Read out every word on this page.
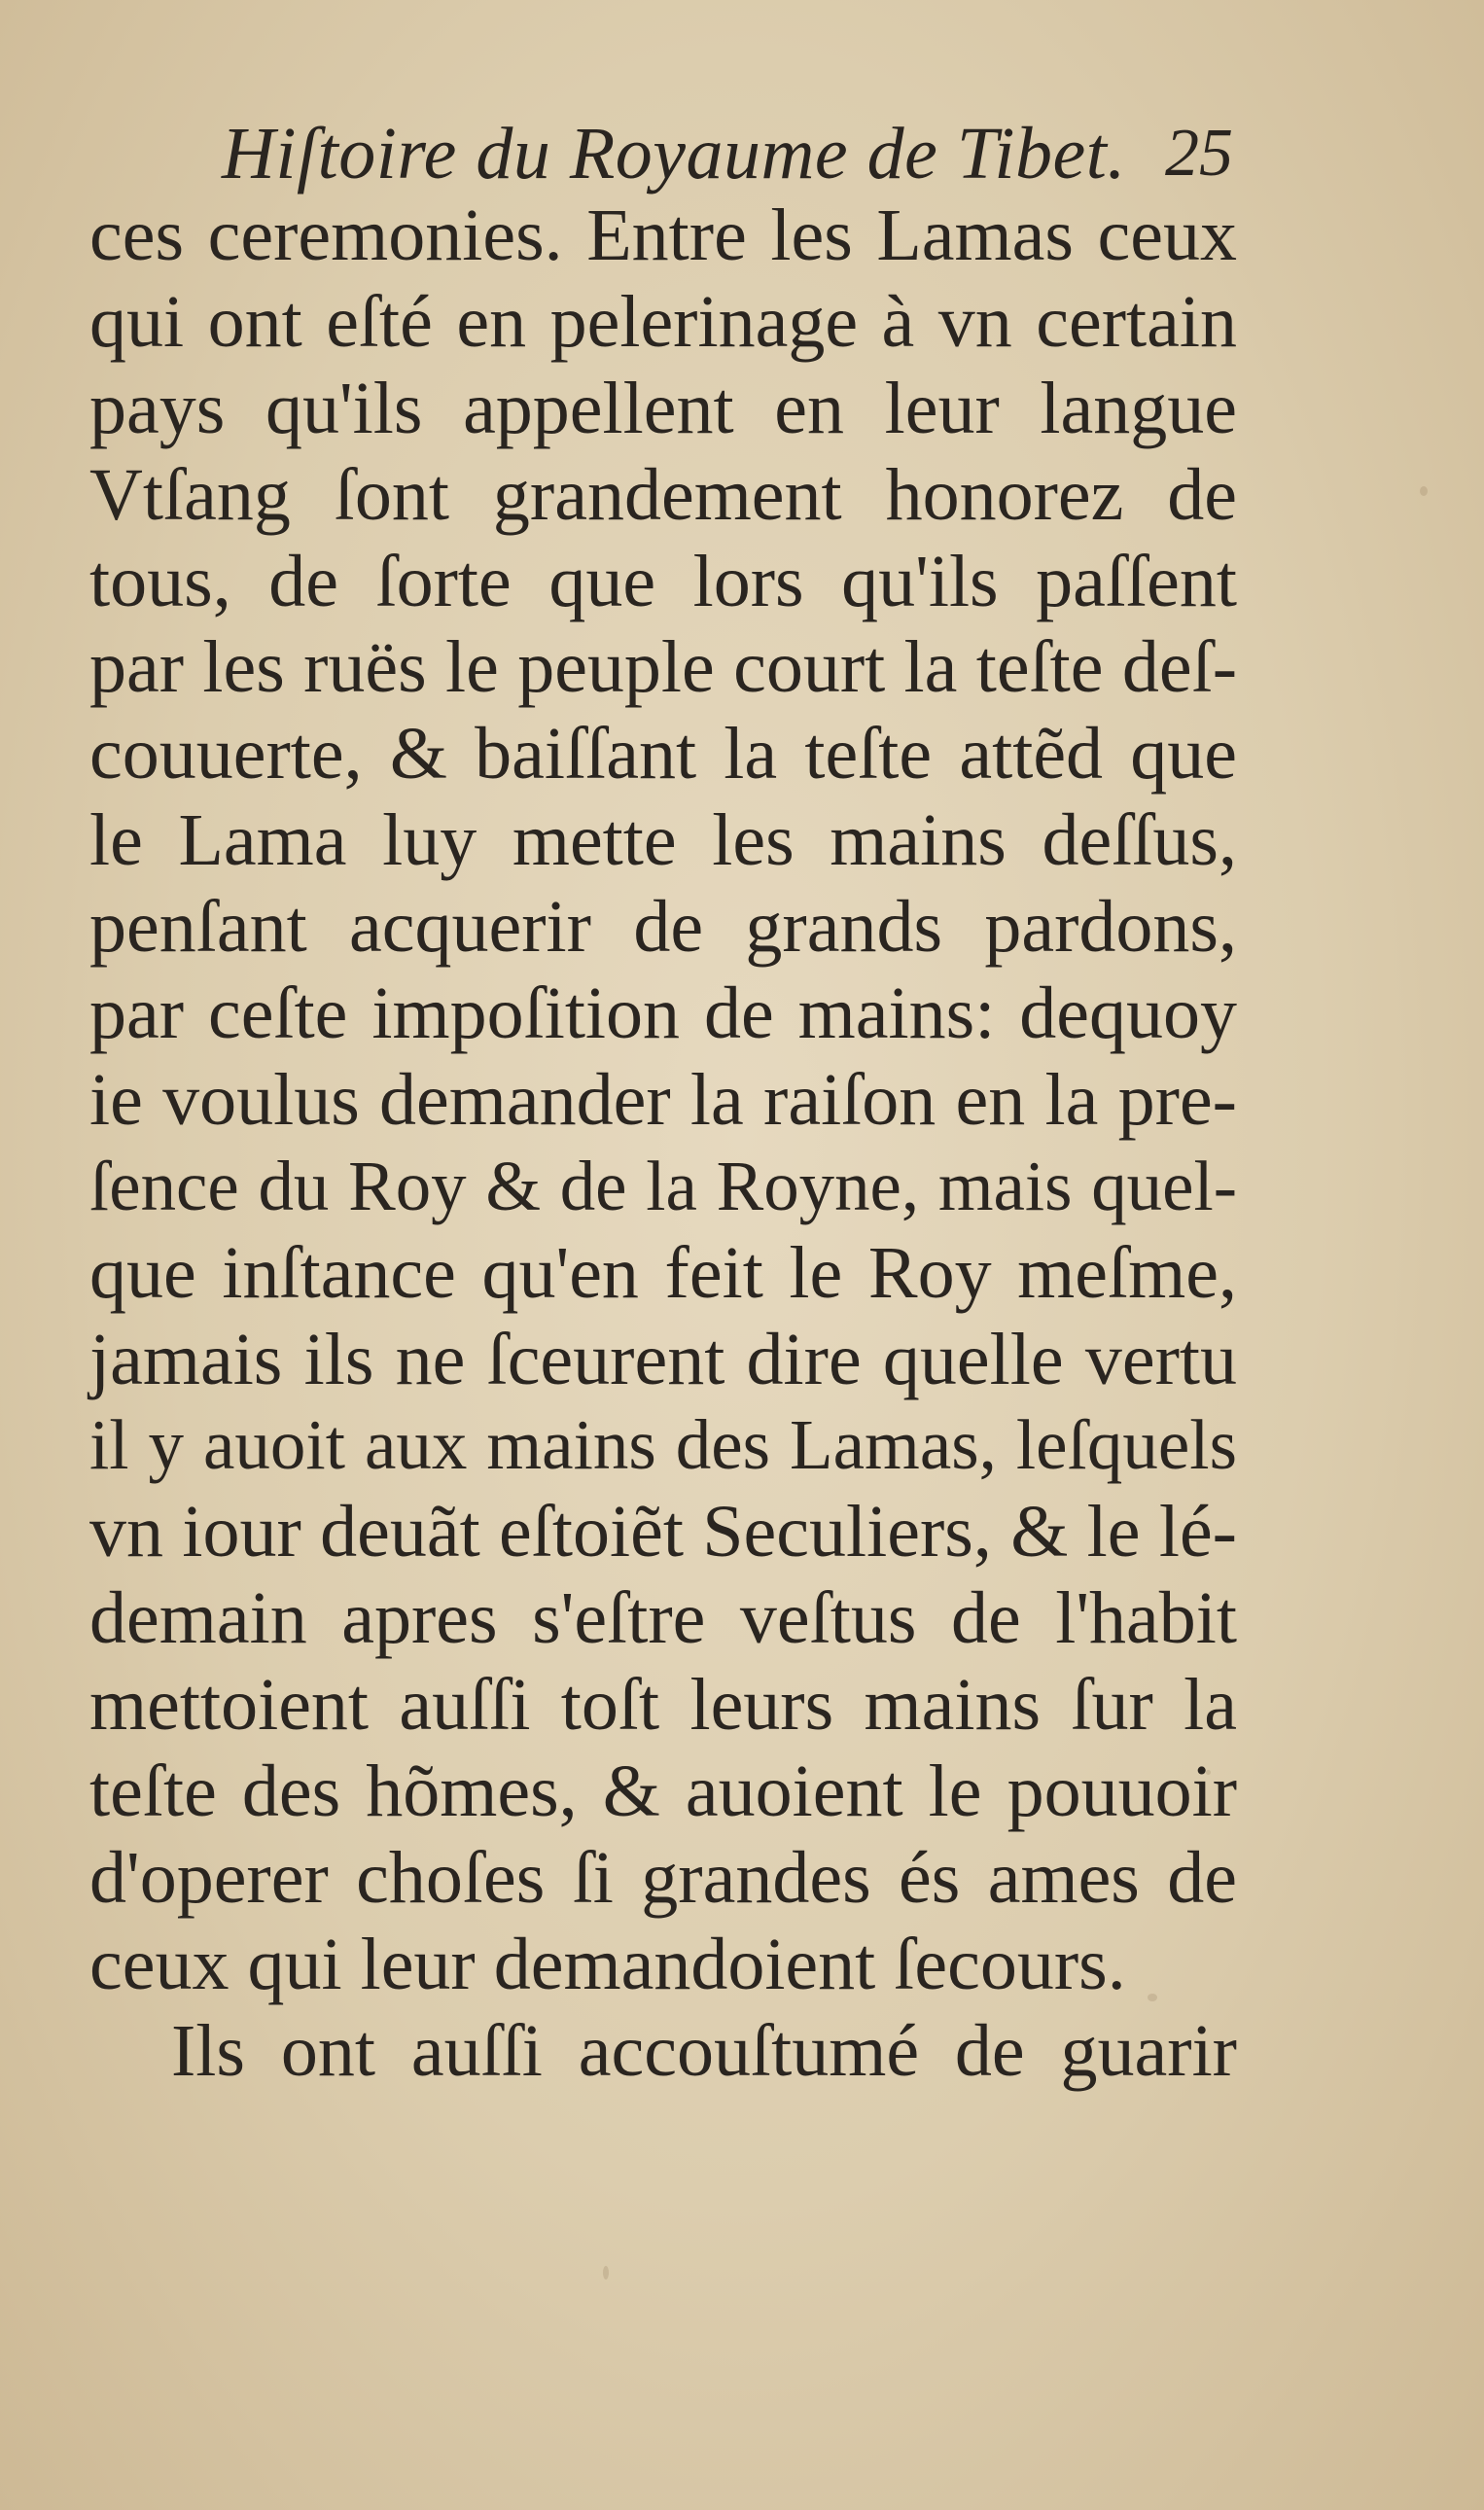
Hiſtoire du Royaume de Tibet. 25
ces ceremonies. Entre les Lamas ceux
qui ont eſté en pelerinage à vn certain
pays qu'ils appellent en leur langue
Vtſang ſont grandement honorez de
tous, de ſorte que lors qu'ils paſſent
par les ruës le peuple court la teſte deſ-
couuerte, & baiſſant la teſte attẽd que
le Lama luy mette les mains deſſus,
penſant acquerir de grands pardons,
par ceſte impoſition de mains: dequoy
ie voulus demander la raiſon en la pre-
ſence du Roy & de la Royne, mais quel-
que inſtance qu'en feit le Roy meſme,
jamais ils ne ſceurent dire quelle vertu
il y auoit aux mains des Lamas, leſquels
vn iour deuãt eſtoiẽt Seculiers, & le lé-
demain apres s'eſtre veſtus de l'habit
mettoient auſſi toſt leurs mains ſur la
teſte des hõmes, & auoient le pouuoir
d'operer choſes ſi grandes és ames de
ceux qui leur demandoient ſecours.
Ils ont auſſi accouſtumé de guarir
